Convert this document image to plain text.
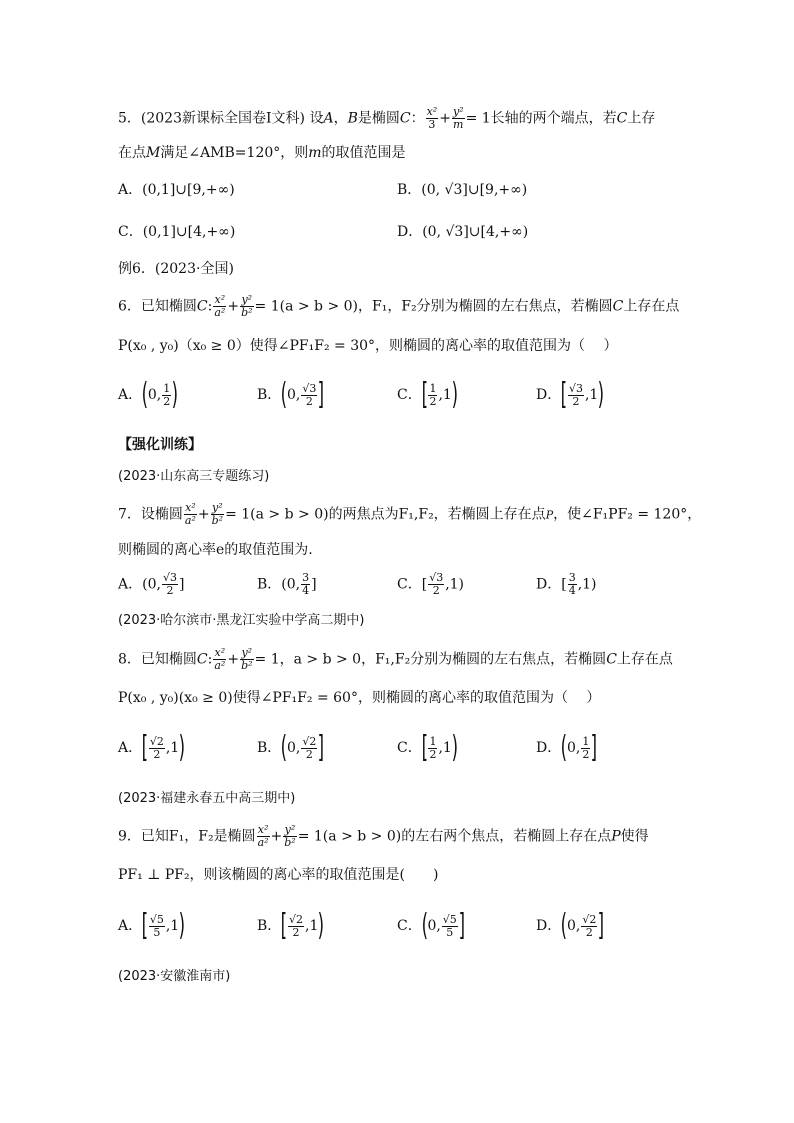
5．(2023新课标全国卷Ⅰ文科) 设A，B是椭圆C： $\frac{\text{x²}}{3} + \frac{\text{y²}}{m} = 1$长轴的两个端点，若C上存
在点M满足∠AMB=120°，则m的取值范围是
A．(0,1]∪[9,+∞)	B．(0, √3]∪[9,+∞)
C．(0,1]∪[4,+∞)	D．(0, √3]∪[4,+∞)
例6．(2023·全国)
6．已知椭圆C: $\frac{\text{x²}}{\text{a²}} + \frac{\text{y²}}{\text{b²}} = 1(a > b > 0)$，F₁，F₂分别为椭圆的左右焦点，若椭圆C上存在点
P(x₀ , y₀)（x₀ ≥ 0）使得∠PF₁F₂ = 30°，则椭圆的离心率的取值范围为（　 ）
A．(0, $\frac{1}{2}$ )	B．(0, $\frac{√3}{2}$ ]	C．[ $\frac{1}{2} ,1$)	D．[ $\frac{√3}{2} ,1$)
【强化训练】
(2023·山东高三专题练习)
7．设椭圆 $\frac{\text{x²}}{\text{a²}} + \frac{\text{y²}}{\text{b²}} = 1(a > b > 0)$的两焦点为F₁,F₂，若椭圆上存在点P，使∠F₁PF₂ = 120°，
则椭圆的离心率e的取值范围为.
A．(0, $\frac{√3}{2}$ ]	B．(0, $\frac{3}{4}$ ]	C．[ $\frac{√3}{2} ,1$)	D．[ $\frac{3}{4} ,1$)
(2023·哈尔滨市·黑龙江实验中学高二期中)
8．已知椭圆C: $\frac{\text{x²}}{\text{a²}} + \frac{\text{y²}}{\text{b²}} = 1$，a > b > 0，F₁,F₂分别为椭圆的左右焦点，若椭圆C上存在点
P(x₀ , y₀)(x₀ ≥ 0)使得∠PF₁F₂ = 60°，则椭圆的离心率的取值范围为（　 ）
A．[ $\frac{√2}{2} ,1$)	B．(0, $\frac{√2}{2}$ ]	C．[ $\frac{1}{2} ,1$)	D．(0, $\frac{1}{2}$ ]
(2023·福建永春五中高三期中)
9．已知F₁，F₂是椭圆 $\frac{\text{x²}}{\text{a²}} + \frac{\text{y²}}{\text{b²}} = 1(a > b > 0)$的左右两个焦点，若椭圆上存在点P使得
PF₁ ⊥ PF₂，则该椭圆的离心率的取值范围是(　　)
A．[ $\frac{√5}{5} ,1$)	B．[ $\frac{√2}{2} ,1$)	C．(0, $\frac{√5}{5}$ ]	D．(0, $\frac{√2}{2}$ ]
(2023·安徽淮南市)
